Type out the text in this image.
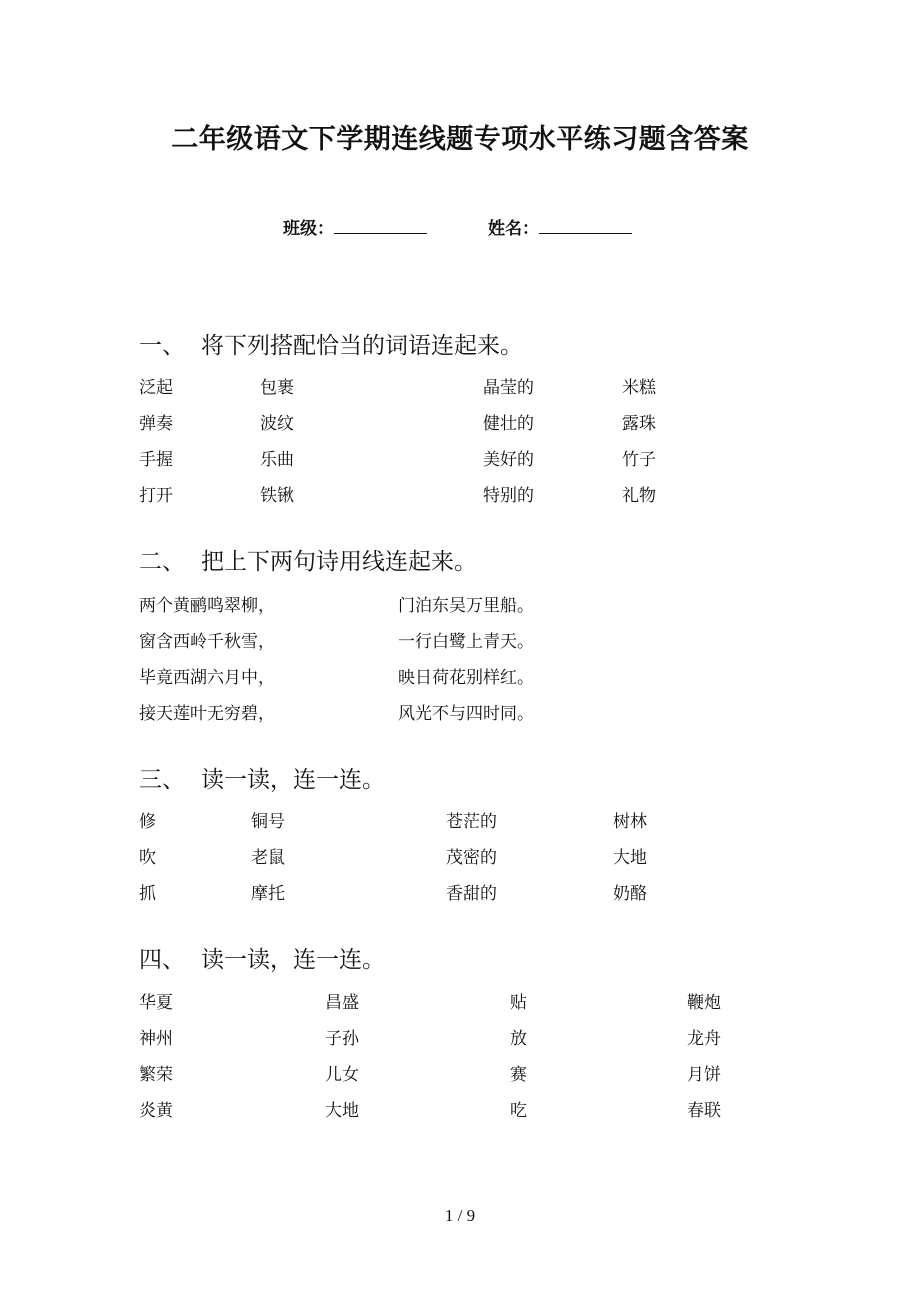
二年级语文下学期连线题专项水平练习题含答案
班级：	姓名：
一、 将下列搭配恰当的词语连起来。
泛起	包裹	晶莹的	米糕
弹奏	波纹	健壮的	露珠
手握	乐曲	美好的	竹子
打开	铁锹	特别的	礼物
二、 把上下两句诗用线连起来。
两个黄鹂鸣翠柳，	门泊东吴万里船。
窗含西岭千秋雪，	一行白鹭上青天。
毕竟西湖六月中，	映日荷花别样红。
接天莲叶无穷碧，	风光不与四时同。
三、 读一读，连一连。
修	铜号	苍茫的	树林
吹	老鼠	茂密的	大地
抓	摩托	香甜的	奶酪
四、 读一读，连一连。
华夏	昌盛	贴	鞭炮
神州	子孙	放	龙舟
繁荣	儿女	赛	月饼
炎黄	大地	吃	春联
1 / 9
